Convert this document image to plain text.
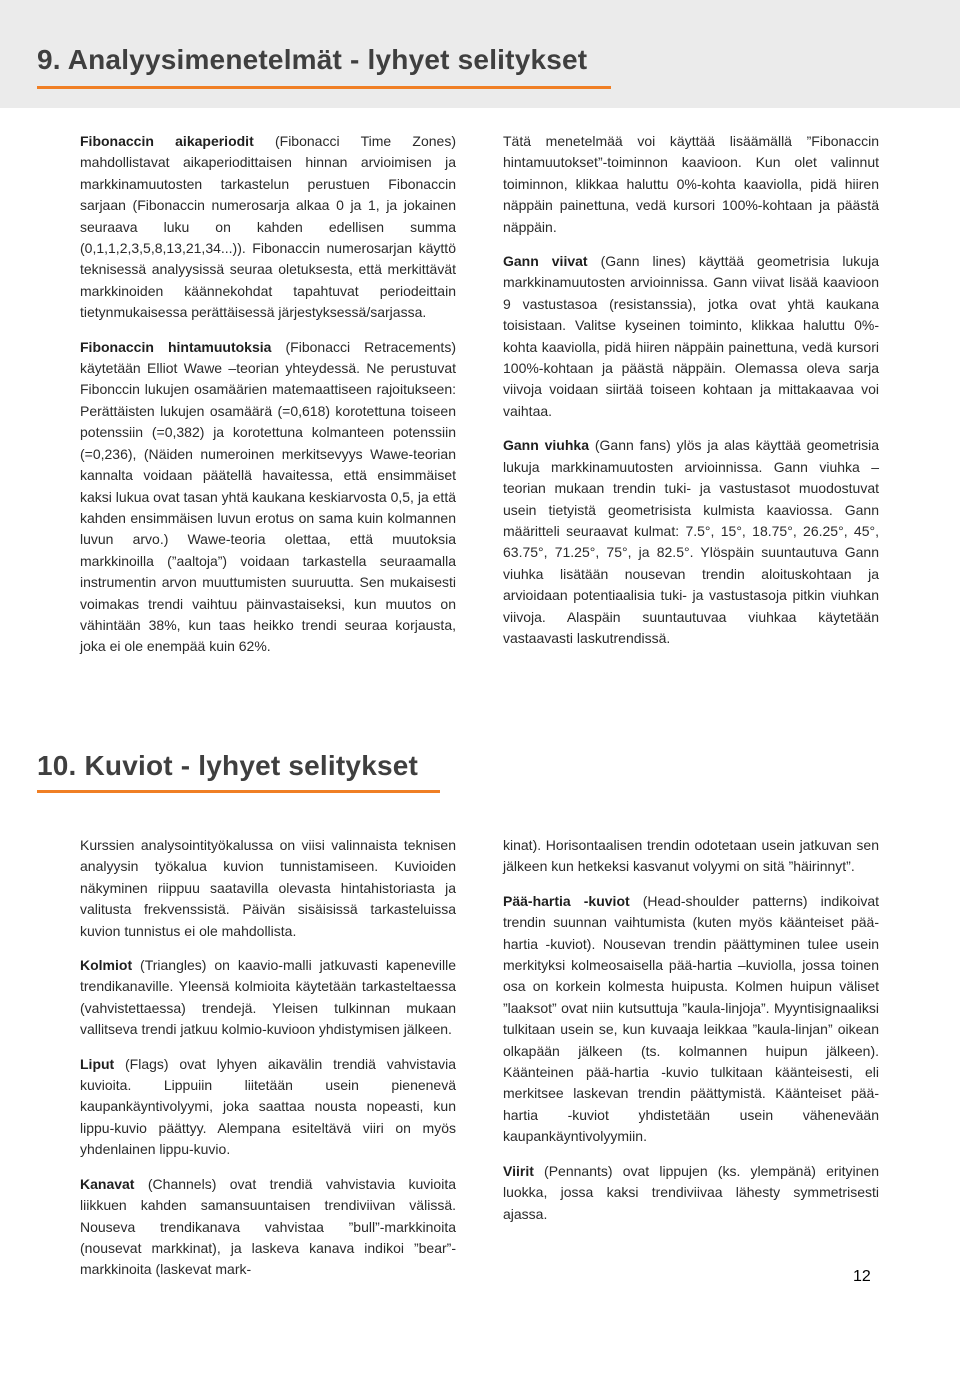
9. Analyysimenetelmät - lyhyet selitykset

Fibonaccin aikaperiodit (Fibonacci Time Zones) mahdollistavat aikaperiodittaisen hinnan arvioimisen ja markkinamuutosten tarkastelun perustuen Fibonaccin sarjaan (Fibonaccin numerosarja alkaa 0 ja 1, ja jokainen seuraava luku on kahden edellisen summa (0,1,1,2,3,5,8,13,21,34...)). Fibonaccin numerosarjan käyttö teknisessä analyysissä seuraa oletuksesta, että merkittävät markkinoiden käännekohdat tapahtuvat periodeittain tietynmukaisessa perättäisessä järjestyksessä/sarjassa.

Fibonaccin hintamuutoksia (Fibonacci Retracements) käytetään Elliot Wawe –teorian yhteydessä. Ne perustuvat Fibonccin lukujen osamäärien matemaattiseen rajoitukseen: Perättäisten lukujen osamäärä (=0,618) korotettuna toiseen potenssiin (=0,382) ja korotettuna kolmanteen potenssiin (=0,236), (Näiden numeroinen merkitsevyys Wawe-teorian kannalta voidaan päätellä havaitessa, että ensimmäiset kaksi lukua ovat tasan yhtä kaukana keskiarvosta 0,5, ja että kahden ensimmäisen luvun erotus on sama kuin kolmannen luvun arvo.) Wawe-teoria olettaa, että muutoksia markkinoilla (”aaltoja”) voidaan tarkastella seuraamalla instrumentin arvon muuttumisten suuruutta. Sen mukaisesti voimakas trendi vaihtuu päinvastaiseksi, kun muutos on vähintään 38%, kun taas heikko trendi seuraa korjausta, joka ei ole enempää kuin 62%.

Tätä menetelmää voi käyttää lisäämällä ”Fibonaccin hintamuutokset”-toiminnon kaavioon. Kun olet valinnut toiminnon, klikkaa haluttu 0%-kohta kaaviolla, pidä hiiren näppäin painettuna, vedä kursori 100%-kohtaan ja päästä näppäin.

Gann viivat (Gann lines) käyttää geometrisia lukuja markkinamuutosten arvioinnissa. Gann viivat lisää kaavioon 9 vastustasoa (resistanssia), jotka ovat yhtä kaukana toisistaan. Valitse kyseinen toiminto, klikkaa haluttu 0%-kohta kaaviolla, pidä hiiren näppäin painettuna, vedä kursori 100%-kohtaan ja päästä näppäin. Olemassa oleva sarja viivoja voidaan siirtää toiseen kohtaan ja mittakaavaa voi vaihtaa.

Gann viuhka (Gann fans) ylös ja alas käyttää geometrisia lukuja markkinamuutosten arvioinnissa. Gann viuhka –teorian mukaan trendin tuki- ja vastustasot muodostuvat usein tietyistä geometrisista kulmista kaaviossa. Gann määritteli seuraavat kulmat: 7.5°, 15°, 18.75°, 26.25°, 45°, 63.75°, 71.25°, 75°, ja 82.5°. Ylöspäin suuntautuva Gann viuhka lisätään nousevan trendin aloituskohtaan ja arvioidaan potentiaalisia tuki- ja vastustasoja pitkin viuhkan viivoja. Alaspäin suuntautuvaa viuhkaa käytetään vastaavasti laskutrendissä.

10. Kuviot - lyhyet selitykset

Kurssien analysointityökalussa on viisi valinnaista teknisen analyysin työkalua kuvion tunnistamiseen. Kuvioiden näkyminen riippuu saatavilla olevasta hintahistoriasta ja valitusta frekvenssistä. Päivän sisäisissä tarkasteluissa kuvion tunnistus ei ole mahdollista.

Kolmiot (Triangles) on kaavio-malli jatkuvasti kapeneville trendikanaville. Yleensä kolmioita käytetään tarkasteltaessa (vahvistettaessa) trendejä. Yleisen tulkinnan mukaan vallitseva trendi jatkuu kolmio-kuvioon yhdistymisen jälkeen.

Liput (Flags) ovat lyhyen aikavälin trendiä vahvistavia kuvioita. Lippuiin liitetään usein pienenevä kaupankäyntivolyymi, joka saattaa nousta nopeasti, kun lippu-kuvio päättyy. Alempana esiteltävä viiri on myös yhdenlainen lippu-kuvio.

Kanavat (Channels) ovat trendiä vahvistavia kuvioita liikkuen kahden samansuuntaisen trendiviivan välissä. Nouseva trendikanava vahvistaa ”bull”-markkinoita (nousevat markkinat), ja laskeva kanava indikoi ”bear”-markkinoita (laskevat mark-

kinat). Horisontaalisen trendin odotetaan usein jatkuvan sen jälkeen kun hetkeksi kasvanut volyymi on sitä ”häirinnyt”.

Pää-hartia -kuviot (Head-shoulder patterns) indikoivat trendin suunnan vaihtumista (kuten myös käänteiset pää-hartia -kuviot). Nousevan trendin päättyminen tulee usein merkityksi kolmeosaisella pää-hartia –kuviolla, jossa toinen osa on korkein kolmesta huipusta. Kolmen huipun väliset ”laaksot” ovat niin kutsuttuja ”kaula-linjoja”. Myyntisignaaliksi tulkitaan usein se, kun kuvaaja leikkaa ”kaula-linjan” oikean olkapään jälkeen (ts. kolmannen huipun jälkeen). Käänteinen pää-hartia -kuvio tulkitaan käänteisesti, eli merkitsee laskevan trendin päättymistä. Käänteiset pää-hartia -kuviot yhdistetään usein vähenevään kaupankäyntivolyymiin.

Viirit (Pennants) ovat lippujen (ks. ylempänä) erityinen luokka, jossa kaksi trendiviivaa lähesty symmetrisesti ajassa.

12
